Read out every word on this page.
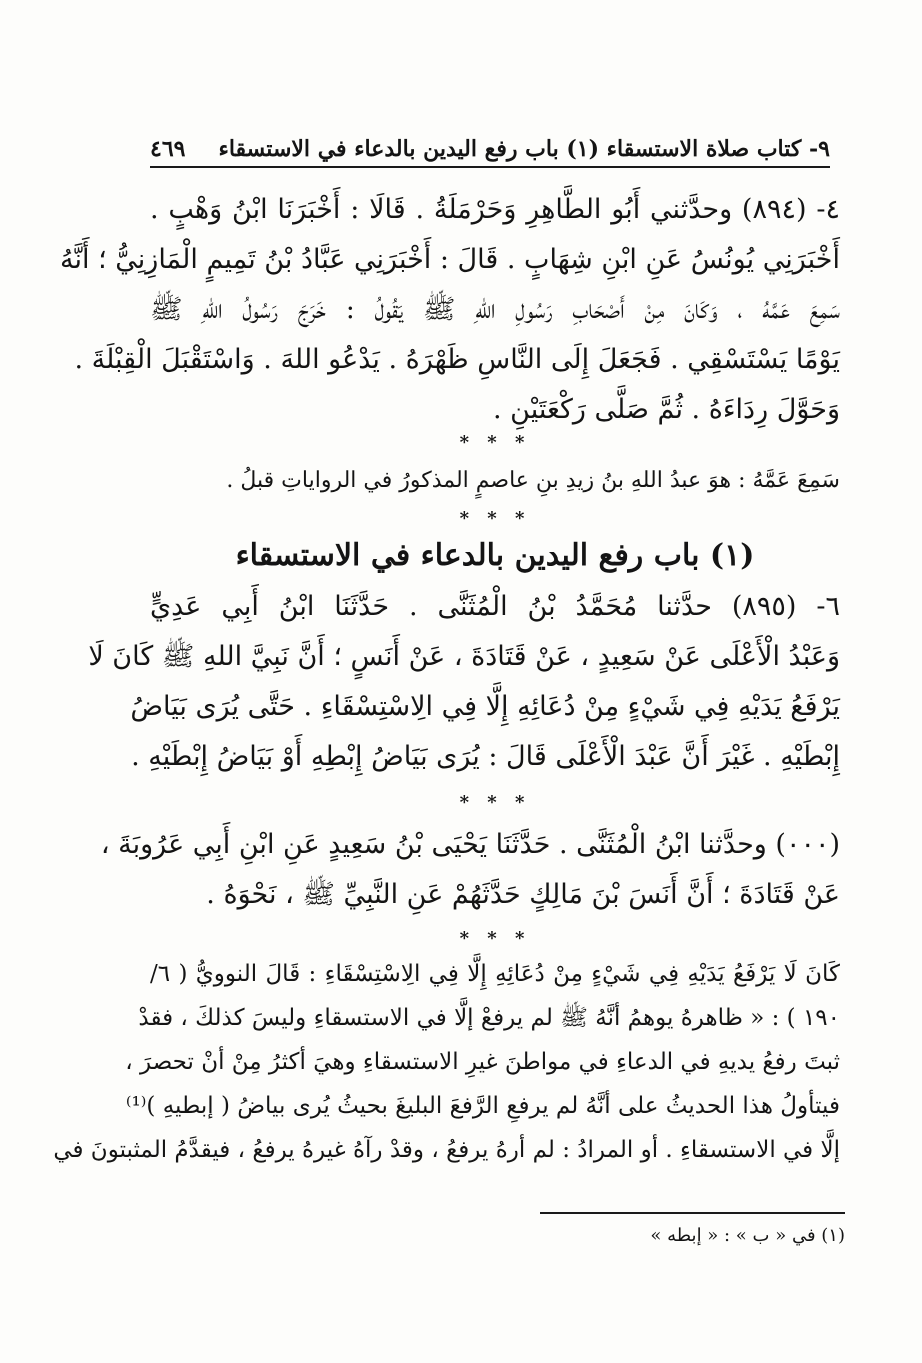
٩- كتاب صلاة الاستسقاء (١) باب رفع اليدين بالدعاء في الاستسقاء
٤٦٩
٤- (٨٩٤) وحدَّثني أَبُو الطَّاهِرِ وَحَرْمَلَةُ . قَالَا : أَخْبَرَنَا ابْنُ وَهْبٍ .
أَخْبَرَنِي يُونُسُ عَنِ ابْنِ شِهَابٍ . قَالَ : أَخْبَرَنِي عَبَّادُ بْنُ تَمِيمٍ الْمَازِنِيُّ ؛ أَنَّهُ
سَمِعَ عَمَّهُ ، وَكَانَ مِنْ أَصْحَابِ رَسُولِ اللهِ ﷺ يَقُولُ : خَرَجَ رَسُولُ اللهِ ﷺ
يَوْمًا يَسْتَسْقِي . فَجَعَلَ إِلَى النَّاسِ ظَهْرَهُ . يَدْعُو اللهَ . وَاسْتَقْبَلَ الْقِبْلَةَ .
وَحَوَّلَ رِدَاءَهُ . ثُمَّ صَلَّى رَكْعَتَيْنِ .
* * *
سَمِعَ عَمَّهُ : هوَ عبدُ اللهِ بنُ زيدِ بنِ عاصمٍ المذكورُ في الرواياتِ قبلُ .
* * *
(١) باب رفع اليدين بالدعاء في الاستسقاء
٦- (٨٩٥) حدَّثنا مُحَمَّدُ بْنُ الْمُثَنَّى . حَدَّثَنَا ابْنُ أَبِي عَدِيٍّ
وَعَبْدُ الْأَعْلَى عَنْ سَعِيدٍ ، عَنْ قَتَادَةَ ، عَنْ أَنَسٍ ؛ أَنَّ نَبِيَّ اللهِ ﷺ كَانَ لَا
يَرْفَعُ يَدَيْهِ فِي شَيْءٍ مِنْ دُعَائِهِ إِلَّا فِي الِاسْتِسْقَاءِ . حَتَّى يُرَى بَيَاضُ
إِبْطَيْهِ . غَيْرَ أَنَّ عَبْدَ الْأَعْلَى قَالَ : يُرَى بَيَاضُ إِبْطِهِ أَوْ بَيَاضُ إِبْطَيْهِ .
* * *
(٠٠٠) وحدَّثنا ابْنُ الْمُثَنَّى . حَدَّثَنَا يَحْيَى بْنُ سَعِيدٍ عَنِ ابْنِ أَبِي عَرُوبَةَ ،
عَنْ قَتَادَةَ ؛ أَنَّ أَنَسَ بْنَ مَالِكٍ حَدَّثَهُمْ عَنِ النَّبِيِّ ﷺ ، نَحْوَهُ .
* * *
كَانَ لَا يَرْفَعُ يَدَيْهِ فِي شَيْءٍ مِنْ دُعَائِهِ إِلَّا فِي الِاسْتِسْقَاءِ : قَالَ النوويُّ ( ٦/
١٩٠ ) : « ظاهرهُ يوهمُ أنَّهُ ﷺ لم يرفعْ إلَّا في الاستسقاءِ وليسَ كذلكَ ، فقدْ
ثبتَ رفعُ يديهِ في الدعاءِ في مواطنَ غيرِ الاستسقاءِ وهيَ أكثرُ مِنْ أنْ تحصرَ ،
فيتأولُ هذا الحديثُ على أنَّهُ لم يرفعِ الرَّفعَ البليغَ بحيثُ يُرى بياضُ ( إبطيهِ )⁽¹⁾
إلَّا في الاستسقاءِ . أو المرادُ : لم أرهُ يرفعُ ، وقدْ رآهُ غيرهُ يرفعُ ، فيقدَّمُ المثبتونَ في
(١) في « ب » : « إبطه »
